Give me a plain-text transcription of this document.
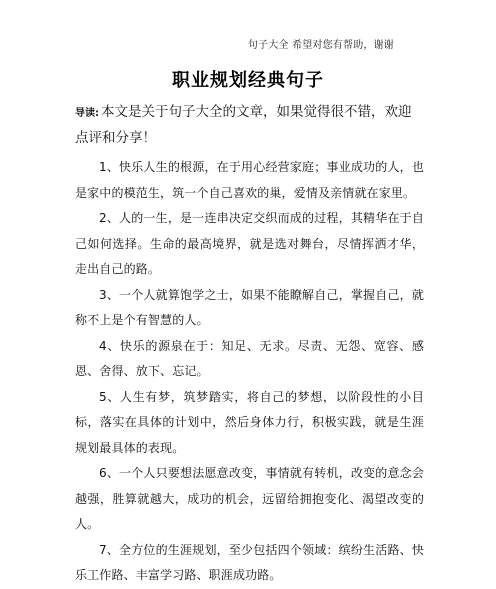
句子大全 希望对您有帮助，谢谢
职业规划经典句子

导读: 本文是关于句子大全的文章，如果觉得很不错，欢迎点评和分享！

1、快乐人生的根源，在于用心经营家庭；事业成功的人，也是家中的模范生，筑一个自己喜欢的巢，爱情及亲情就在家里。

2、人的一生，是一连串决定交织而成的过程，其精华在于自己如何选择。生命的最高境界，就是选对舞台，尽情挥洒才华，走出自己的路。

3、一个人就算饱学之士，如果不能瞭解自己，掌握自己，就称不上是个有智慧的人。

4、快乐的源泉在于：知足、无求。尽责、无怨、宽容、感恩、舍得、放下、忘记。

5、人生有梦，筑梦踏实，将自己的梦想，以阶段性的小目标，落实在具体的计划中，然后身体力行，积极实践，就是生涯规划最具体的表现。

6、一个人只要想法愿意改变，事情就有转机，改变的意念会越强，胜算就越大，成功的机会，远留给拥抱变化、渴望改变的人。

7、全方位的生涯规划，至少包括四个领域：缤纷生活路、快乐工作路、丰富学习路、职涯成功路。
